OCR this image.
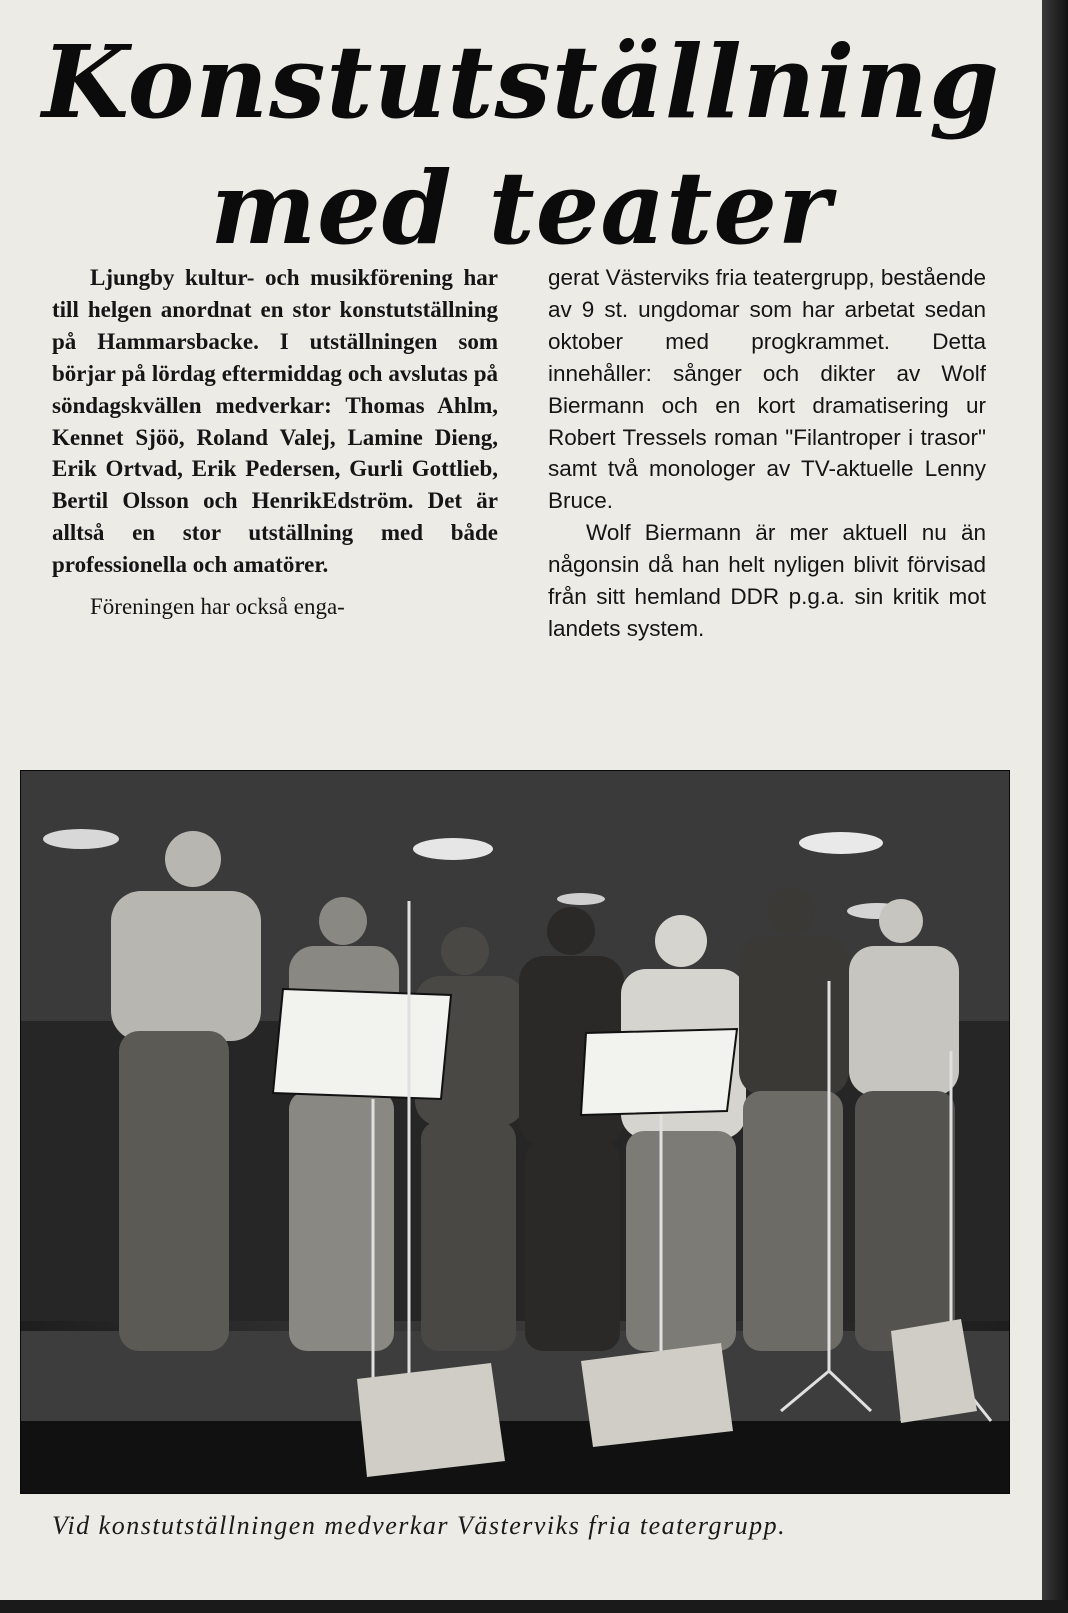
Konstutställning
med teater

Ljungby kultur- och musikförening har till helgen anordnat en stor konstutställning på Hammarsbacke. I utställningen som börjar på lördag eftermiddag och avslutas på söndagskvällen medverkar: Thomas Ahlm, Kennet Sjöö, Roland Valej, Lamine Dieng, Erik Ortvad, Erik Pedersen, Gurli Gottlieb, Bertil Olsson och HenrikEdström. Det är alltså en stor utställning med både professionella och amatörer.

Föreningen har också enga-

gerat Västerviks fria teatergrupp, bestående av 9 st. ungdomar som har arbetat sedan oktober med progkrammet. Detta innehåller: sånger och dikter av Wolf Biermann och en kort dramatisering ur Robert Tressels roman "Filantroper i trasor" samt två monologer av TV-aktuelle Lenny Bruce.

Wolf Biermann är mer aktuell nu än någonsin då han helt nyligen blivit förvisad från sitt hemland DDR p.g.a. sin kritik mot landets system.

Vid konstutställningen medverkar Västerviks fria teatergrupp.
